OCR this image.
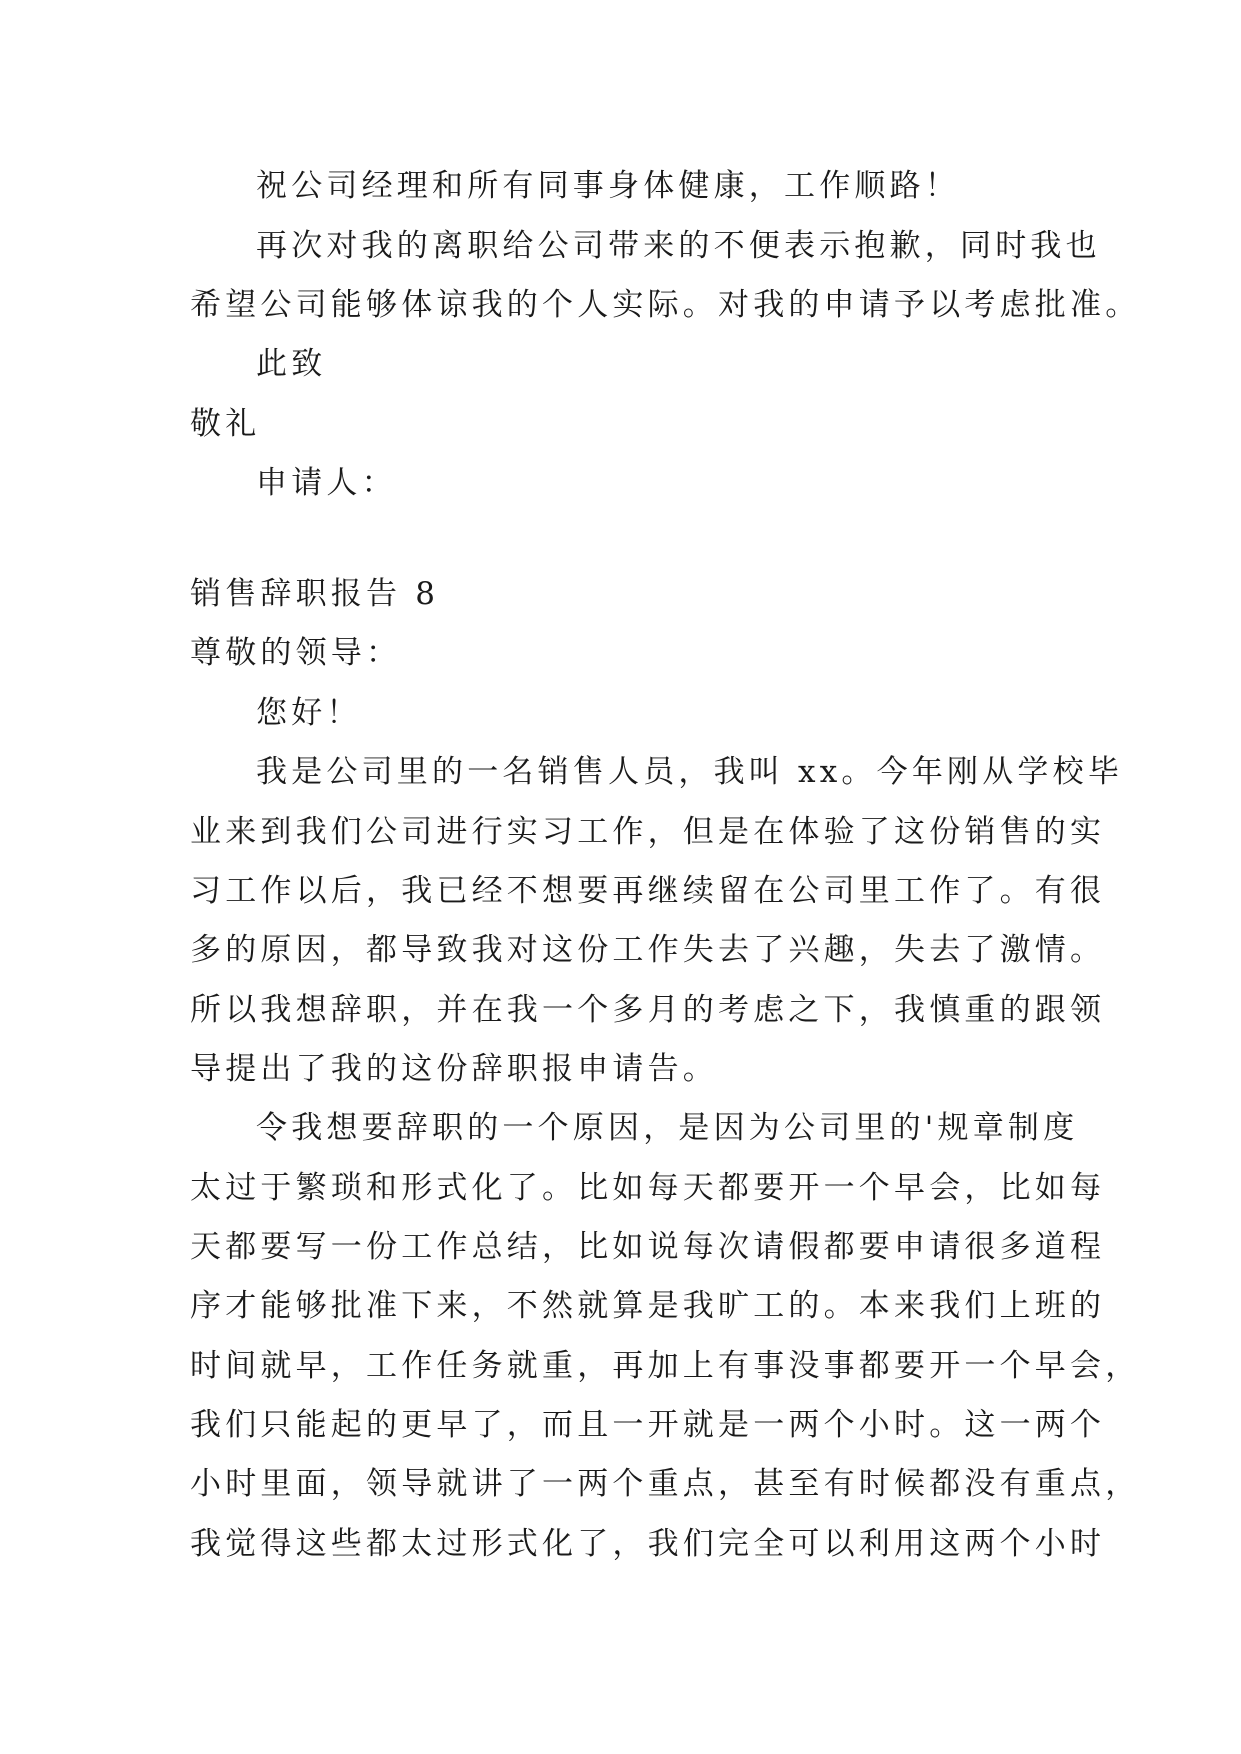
祝公司经理和所有同事身体健康，工作顺路！
再次对我的离职给公司带来的不便表示抱歉，同时我也
希望公司能够体谅我的个人实际。对我的申请予以考虑批准。
此致
敬礼
申请人：
销售辞职报告 8
尊敬的领导：
您好！
我是公司里的一名销售人员，我叫 xx。今年刚从学校毕
业来到我们公司进行实习工作，但是在体验了这份销售的实
习工作以后，我已经不想要再继续留在公司里工作了。有很
多的原因，都导致我对这份工作失去了兴趣，失去了激情。
所以我想辞职，并在我一个多月的考虑之下，我慎重的跟领
导提出了我的这份辞职报申请告。
令我想要辞职的一个原因，是因为公司里的'规章制度
太过于繁琐和形式化了。比如每天都要开一个早会，比如每
天都要写一份工作总结，比如说每次请假都要申请很多道程
序才能够批准下来，不然就算是我旷工的。本来我们上班的
时间就早，工作任务就重，再加上有事没事都要开一个早会，
我们只能起的更早了，而且一开就是一两个小时。这一两个
小时里面，领导就讲了一两个重点，甚至有时候都没有重点，
我觉得这些都太过形式化了，我们完全可以利用这两个小时
